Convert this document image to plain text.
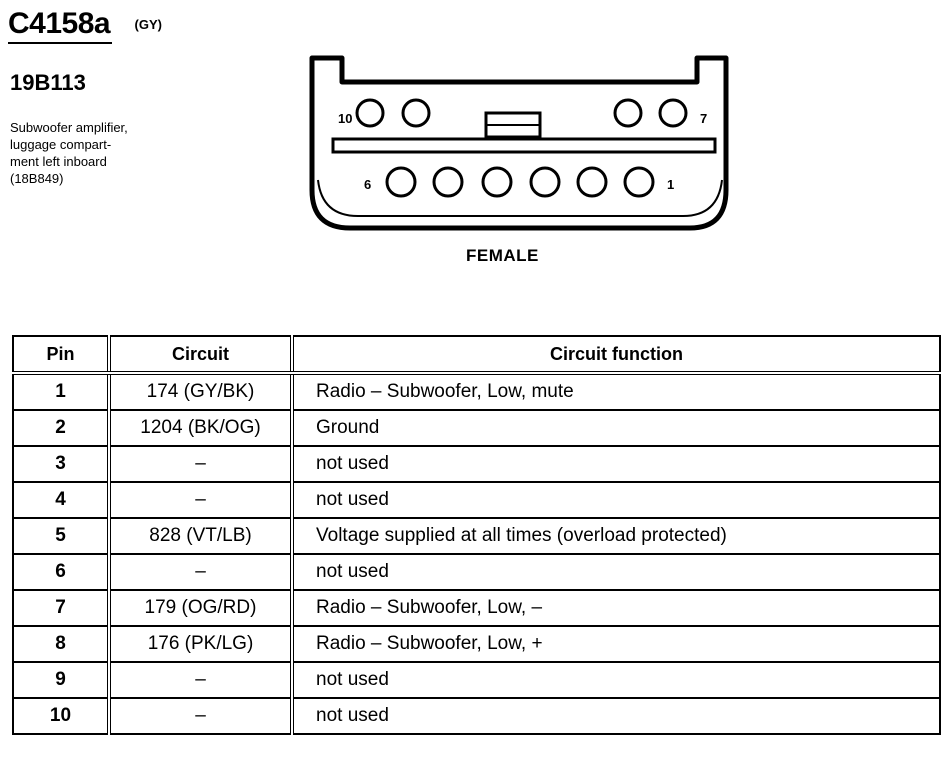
C4158a $^{(GY)}$
19B113
Subwoofer amplifier,
luggage compart-
ment left inboard
(18B849)
10	7
6	1
FEMALE
Pin	Circuit	Circuit function
1	174 (GY/BK)	Radio – Subwoofer, Low, mute
2	1204 (BK/OG)	Ground
3	–	not used
4	–	not used
5	828 (VT/LB)	Voltage supplied at all times (overload protected)
6	–	not used
7	179 (OG/RD)	Radio – Subwoofer, Low, –
8	176 (PK/LG)	Radio – Subwoofer, Low, +
9	–	not used
10	–	not used
